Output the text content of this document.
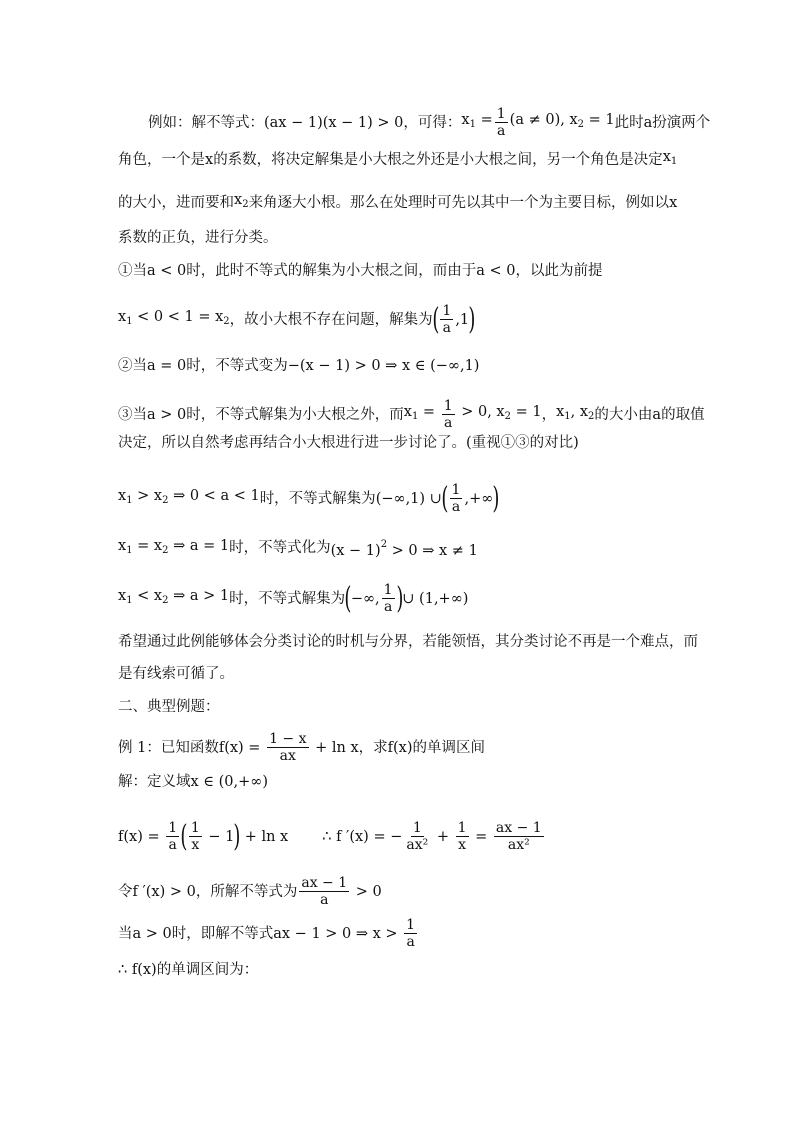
例如：解不等式： (ax − 1)(x − 1) > 0 ，可得： $x_1 = \frac{1}{a} (a \ne 0)$, $x_2 = 1$ 此时 a 扮演两个
角色，一个是 x 的系数，将决定解集是小大根之外还是小大根之间，另一个角色是决定 $x_1$
的大小，进而要和 $x_2$ 来角逐大小根。那么在处理时可先以其中一个为主要目标，例如以 x
系数的正负，进行分类。
①当 a < 0 时，此时不等式的解集为小大根之间，而由于 a < 0 ，以此为前提
$x_1 < 0 < 1 = x_2$ ，故小大根不存在问题，解集为 ( $\frac{1}{a} ,1$ )
②当 a = 0 时，不等式变为 −(x − 1) > 0 ⇒ x ∈ (−∞,1)
③当 a > 0 时，不等式解集为小大根之外，而 $x_1 = \frac{1}{a} > 0$, $x_2 = 1$ ， $x_1$, $x_2$ 的大小由 a 的取值
决定，所以自然考虑再结合小大根进行进一步讨论了。(重视①③的对比)
$x_1 > x_2$ ⇒ 0 < a < 1 时，不等式解集为 (−∞,1) ∪ ( $\frac{1}{a}$ ,+∞ )
$x_1 = x_2$ ⇒ a = 1 时，不等式化为 $(x - 1)^2 > 0$ ⇒ x ≠ 1
$x_1 < x_2$ ⇒ a > 1 时，不等式解集为 ( −∞, $\frac{1}{a}$ ) ∪ (1,+∞)
希望通过此例能够体会分类讨论的时机与分界，若能领悟，其分类讨论不再是一个难点，而
是有线索可循了。
二、典型例题：
例 1：已知函数 $f(x) = \frac{1 - x}{ax} + \ln x$ ，求 f(x) 的单调区间
解：定义域 x ∈ (0,+∞)
$f(x) = \frac{1}{a}$ ( $\frac{1}{x} - 1$ ) + ln x ∴ f ′(x) = − $\frac{1}{\text{ax²}} + \frac{1}{x} = \frac{ax - 1}{\text{ax²}}$
令 f ′(x) > 0 ，所解不等式为 $\frac{ax - 1}{a} > 0$
当 a > 0 时，即解不等式 ax − 1 > 0 ⇒ $x > \frac{1}{a}$
∴ f(x) 的单调区间为：
